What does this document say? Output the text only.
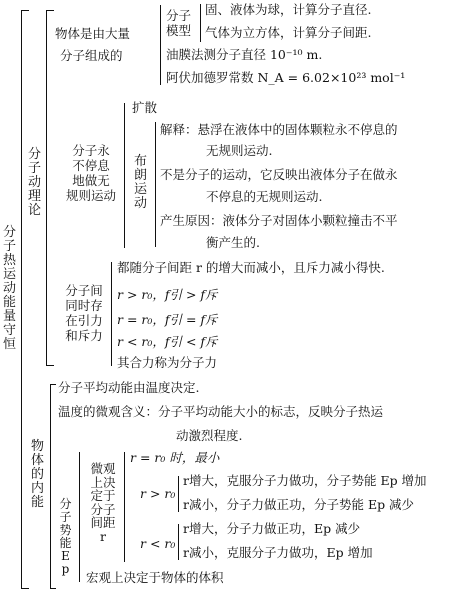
分子热运动能量守恒
分子动理论
物体是由大量
分子组成的
分子模型
固、液体为球，计算分子直径.
气体为立方体，计算分子间距.
油膜法测分子直径 10⁻¹⁰ m.
阿伏加德罗常数 N_A = 6.02×10²³ mol⁻¹
分子永
不停息
地做无
规则运动
扩散
布朗运动
解释：悬浮在液体中的固体颗粒永不停息的
无规则运动.
不是分子的运动，它反映出液体分子在做永
不停息的无规则运动.
产生原因：液体分子对固体小颗粒撞击不平
衡产生的.
分子间
同时存
在引力
和斥力
都随分子间距 r 的增大而减小，且斥力减小得快.
r > r₀，f引 > f斥
r = r₀，f引 = f斥
r < r₀，f引 < f斥
其合力称为分子力
物体的内能
分子平均动能由温度决定.
温度的微观含义：分子平均动能大小的标志，反映分子热运
动激烈程度.
分子势能Ep
微观上决定于分子间距r
r = r₀ 时，最小
r > r₀
r增大，克服分子力做功，分子势能 Ep 增加
r减小，分子力做正功，分子势能 Ep 减少
r < r₀
r增大，分子力做正功，Ep 减少
r减小，克服分子力做功，Ep 增加
宏观上决定于物体的体积
